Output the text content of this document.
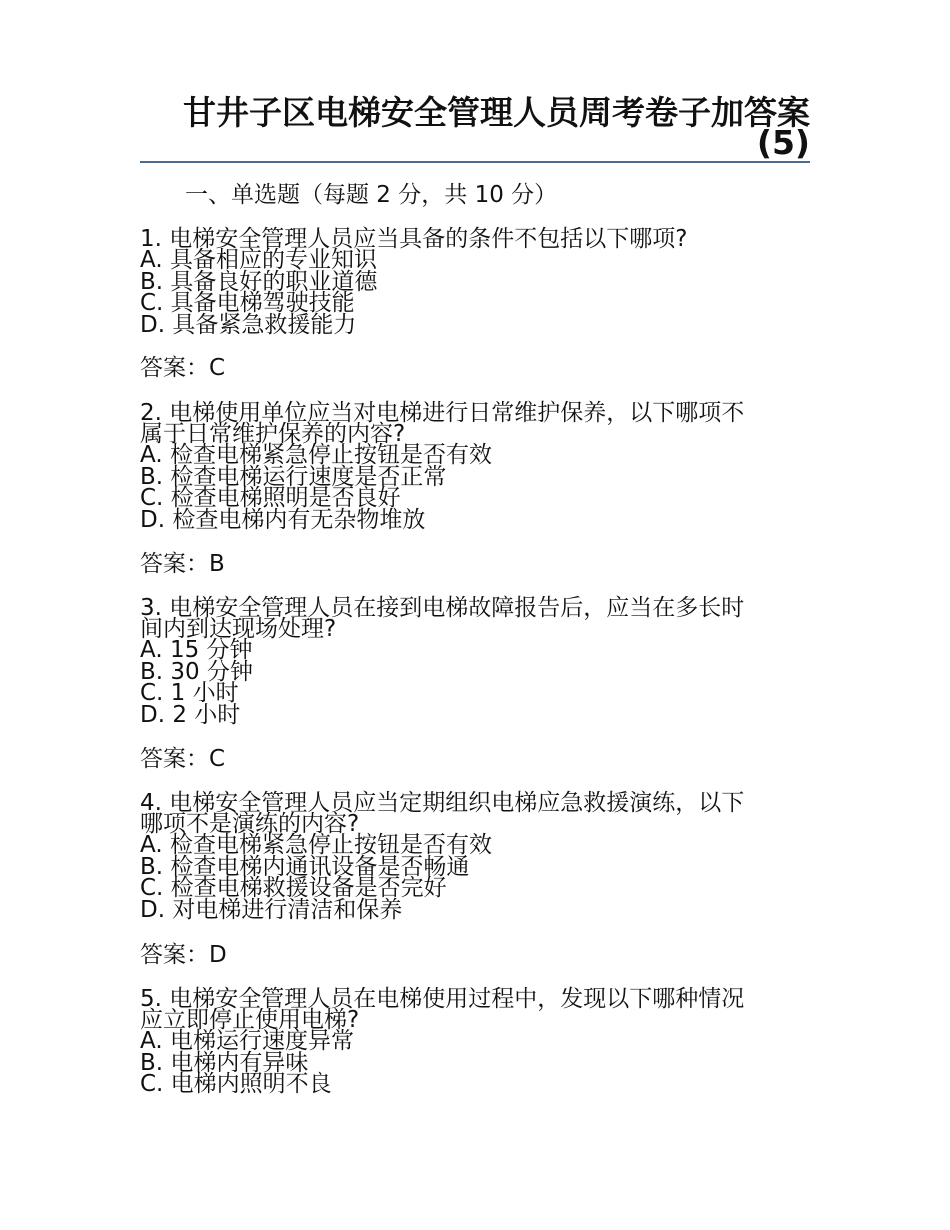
甘井子区电梯安全管理人员周考卷子加答案(5)
一、单选题（每题 2 分，共 10 分）

1. 电梯安全管理人员应当具备的条件不包括以下哪项?

A. 具备相应的专业知识

B. 具备良好的职业道德

C. 具备电梯驾驶技能

D. 具备紧急救援能力

答案：C

2. 电梯使用单位应当对电梯进行日常维护保养，以下哪项不

属于日常维护保养的内容?

A. 检查电梯紧急停止按钮是否有效

B. 检查电梯运行速度是否正常

C. 检查电梯照明是否良好

D. 检查电梯内有无杂物堆放

答案：B

3. 电梯安全管理人员在接到电梯故障报告后，应当在多长时

间内到达现场处理?

A. 15 分钟

B. 30 分钟

C. 1 小时

D. 2 小时

答案：C

4. 电梯安全管理人员应当定期组织电梯应急救援演练，以下

哪项不是演练的内容?

A. 检查电梯紧急停止按钮是否有效

B. 检查电梯内通讯设备是否畅通

C. 检查电梯救援设备是否完好

D. 对电梯进行清洁和保养

答案：D

5. 电梯安全管理人员在电梯使用过程中，发现以下哪种情况

应立即停止使用电梯?

A. 电梯运行速度异常

B. 电梯内有异味

C. 电梯内照明不良
